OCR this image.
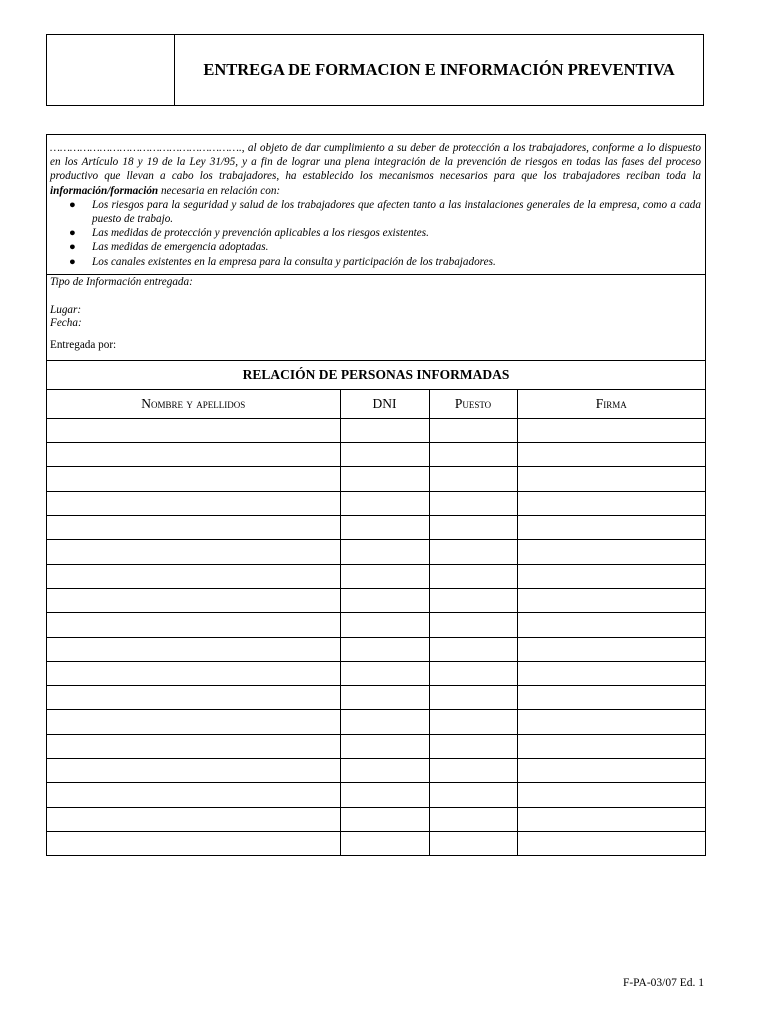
ENTREGA DE FORMACION E INFORMACIÓN PREVENTIVA
…………………………………………………., al objeto de dar cumplimiento a su deber de protección a los trabajadores, conforme a lo dispuesto en los Artículo 18 y 19 de la Ley 31/95, y a fin de lograr una plena integración de la prevención de riesgos en todas las fases del proceso productivo que llevan a cabo los trabajadores, ha establecido los mecanismos necesarios para que los trabajadores reciban toda la información/formación necesaria en relación con:
● Los riesgos para la seguridad y salud de los trabajadores que afecten tanto a las instalaciones generales de la empresa, como a cada puesto de trabajo.
● Las medidas de protección y prevención aplicables a los riesgos existentes.
● Las medidas de emergencia adoptadas.
● Los canales existentes en la empresa para la consulta y participación de los trabajadores.
Tipo de Información entregada:
Lugar:
Fecha:
Entregada por:
RELACIÓN DE PERSONAS INFORMADAS
Nombre y apellidos	DNI	Puesto	Firma

F-PA-03/07 Ed. 1
